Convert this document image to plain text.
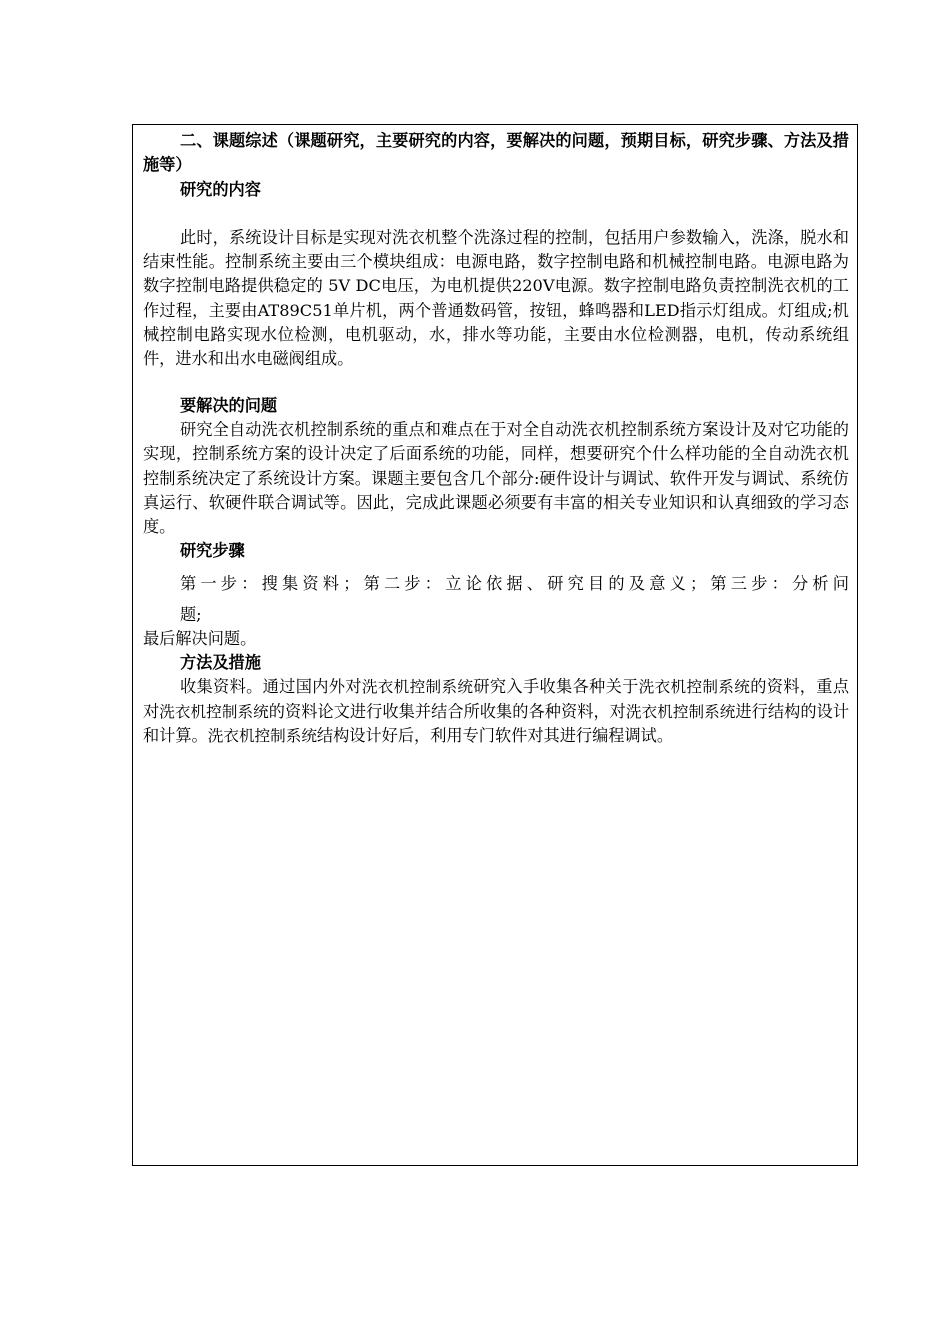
二、课题综述（课题研究，主要研究的内容，要解决的问题，预期目标，研究步骤、方法及措施等）

研究的内容

此时，系统设计目标是实现对洗衣机整个洗涤过程的控制，包括用户参数输入，洗涤，脱水和结束性能。控制系统主要由三个模块组成：电源电路，数字控制电路和机械控制电路。电源电路为数字控制电路提供稳定的 5V DC电压，为电机提供220V电源。数字控制电路负责控制洗衣机的工作过程，主要由AT89C51单片机，两个普通数码管，按钮，蜂鸣器和LED指示灯组成。灯组成;机械控制电路实现水位检测，电机驱动，水，排水等功能，主要由水位检测器，电机，传动系统组件，进水和出水电磁阀组成。

要解决的问题

研究全自动洗衣机控制系统的重点和难点在于对全自动洗衣机控制系统方案设计及对它功能的实现，控制系统方案的设计决定了后面系统的功能，同样，想要研究个什么样功能的全自动洗衣机控制系统决定了系统设计方案。课题主要包含几个部分:硬件设计与调试、软件开发与调试、系统仿真运行、软硬件联合调试等。因此，完成此课题必须要有丰富的相关专业知识和认真细致的学习态度。

研究步骤

第一步：搜集资料；第二步：立论依据、研究目的及意义；第三步：分析问

题;

最后解决问题。

方法及措施

收集资料。通过国内外对洗衣机控制系统研究入手收集各种关于洗衣机控制系统的资料，重点对洗衣机控制系统的资料论文进行收集并结合所收集的各种资料，对洗衣机控制系统进行结构的设计和计算。洗衣机控制系统结构设计好后，利用专门软件对其进行编程调试。
